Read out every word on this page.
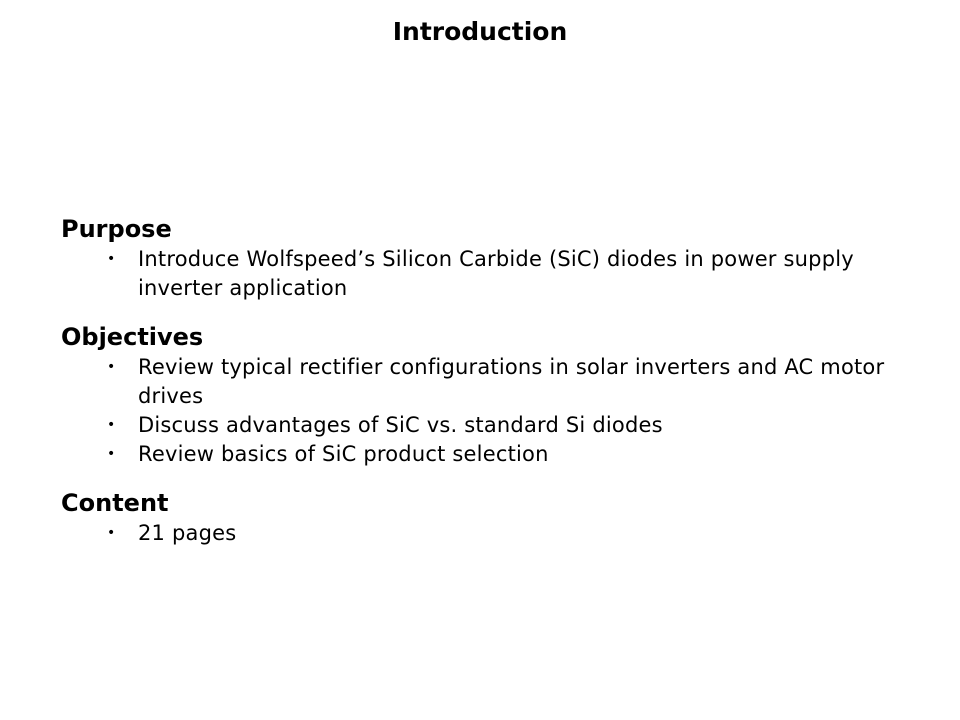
Introduction
Purpose
• Introduce Wolfspeed’s Silicon Carbide (SiC) diodes in power supply inverter application
Objectives
• Review typical rectifier configurations in solar inverters and AC motor drives
• Discuss advantages of SiC vs. standard Si diodes
• Review basics of SiC product selection
Content
• 21 pages
